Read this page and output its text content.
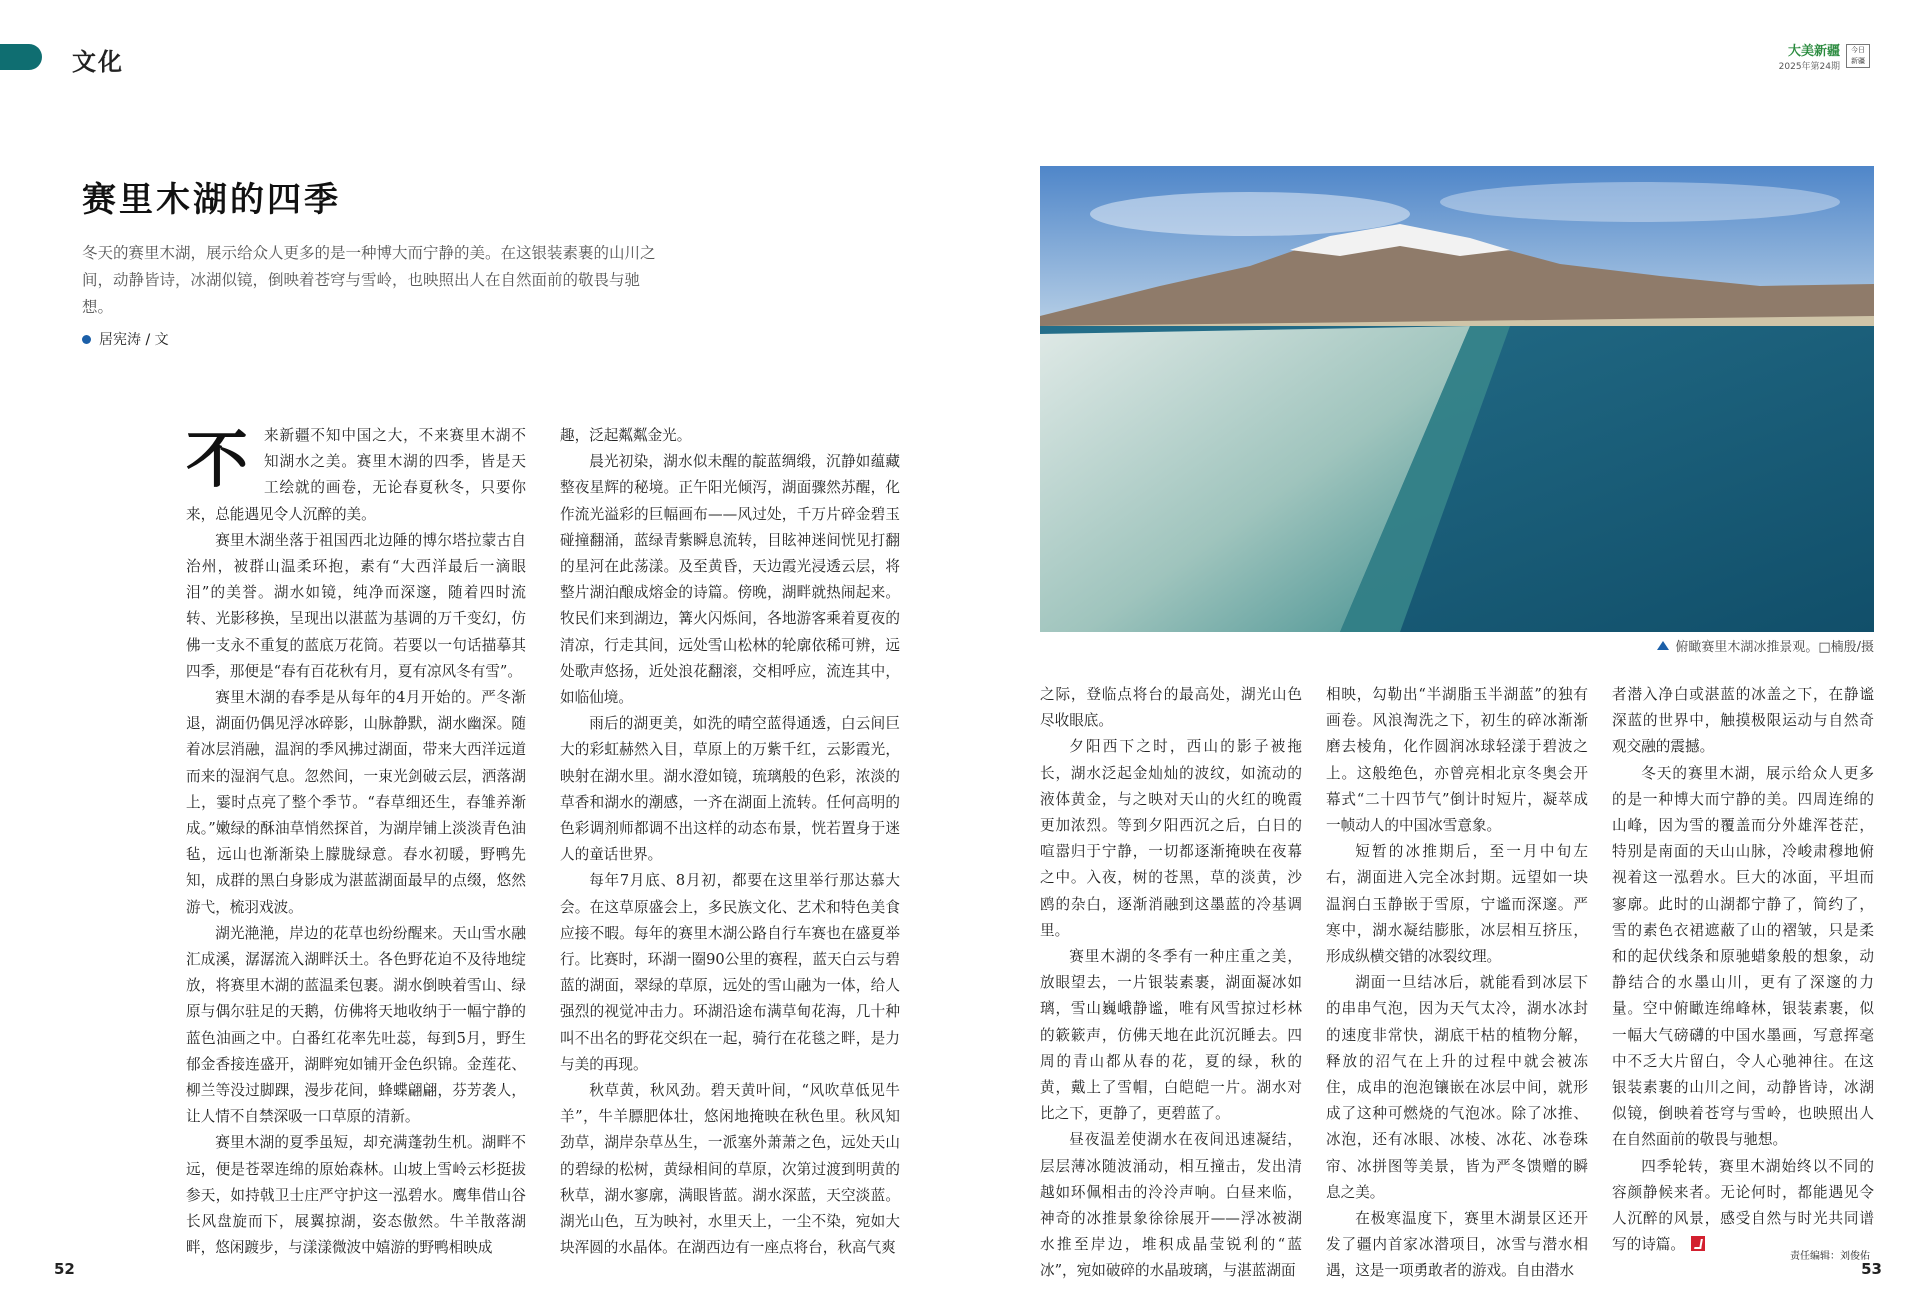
文化	大美新疆
2025年第24期
今日
新疆
赛里木湖的四季
冬天的赛里木湖，展示给众人更多的是一种博大而宁静的美。在这银装素裹的山川之间，动静皆诗，冰湖似镜，倒映着苍穹与雪岭，也映照出人在自然面前的敬畏与驰想。
居宪涛 / 文

不 来新疆不知中国之大，不来赛里木湖不知湖水之美。赛里木湖的四季，皆是天工绘就的画卷，无论春夏秋冬，只要你来，总能遇见令人沉醉的美。

赛里木湖坐落于祖国西北边陲的博尔塔拉蒙古自治州，被群山温柔环抱，素有“大西洋最后一滴眼泪”的美誉。湖水如镜，纯净而深邃，随着四时流转、光影移换，呈现出以湛蓝为基调的万千变幻，仿佛一支永不重复的蓝底万花筒。若要以一句话描摹其四季，那便是“春有百花秋有月，夏有凉风冬有雪”。

赛里木湖的春季是从每年的4月开始的。严冬渐退，湖面仍偶见浮冰碎影，山脉静默，湖水幽深。随着冰层消融，温润的季风拂过湖面，带来大西洋远道而来的湿润气息。忽然间，一束光剑破云层，洒落湖上，霎时点亮了整个季节。“春草细还生，春雏养渐成。”嫩绿的酥油草悄然探首，为湖岸铺上淡淡青色油毡，远山也渐渐染上朦胧绿意。春水初暖，野鸭先知，成群的黑白身影成为湛蓝湖面最早的点缀，悠然游弋，梳羽戏波。

湖光滟滟，岸边的花草也纷纷醒来。天山雪水融汇成溪，潺潺流入湖畔沃土。各色野花迫不及待地绽放，将赛里木湖的蓝温柔包裹。湖水倒映着雪山、绿原与偶尔驻足的天鹅，仿佛将天地收纳于一幅宁静的蓝色油画之中。白番红花率先吐蕊，每到5月，野生郁金香接连盛开，湖畔宛如铺开金色织锦。金莲花、柳兰等没过脚踝，漫步花间，蜂蝶翩翩，芬芳袭人，让人情不自禁深吸一口草原的清新。

赛里木湖的夏季虽短，却充满蓬勃生机。湖畔不远，便是苍翠连绵的原始森林。山坡上雪岭云杉挺拔参天，如持戟卫士庄严守护这一泓碧水。鹰隼借山谷长风盘旋而下，展翼掠湖，姿态傲然。牛羊散落湖畔，悠闲踱步，与漾漾微波中嬉游的野鸭相映成

趣，泛起粼粼金光。

晨光初染，湖水似未醒的靛蓝绸缎，沉静如蕴藏整夜星辉的秘境。正午阳光倾泻，湖面骤然苏醒，化作流光溢彩的巨幅画布——风过处，千万片碎金碧玉碰撞翻涌，蓝绿青紫瞬息流转，目眩神迷间恍见打翻的星河在此荡漾。及至黄昏，天边霞光浸透云层，将整片湖泊酿成熔金的诗篇。傍晚，湖畔就热闹起来。牧民们来到湖边，篝火闪烁间，各地游客乘着夏夜的清凉，行走其间，远处雪山松林的轮廓依稀可辨，远处歌声悠扬，近处浪花翻滚，交相呼应，流连其中，如临仙境。

雨后的湖更美，如洗的晴空蓝得通透，白云间巨大的彩虹赫然入目，草原上的万紫千红，云影霞光，映射在湖水里。湖水澄如镜，琉璃般的色彩，浓淡的草香和湖水的潮感，一齐在湖面上流转。任何高明的色彩调剂师都调不出这样的动态布景，恍若置身于迷人的童话世界。

每年7月底、8月初，都要在这里举行那达慕大会。在这草原盛会上，多民族文化、艺术和特色美食应接不暇。每年的赛里木湖公路自行车赛也在盛夏举行。比赛时，环湖一圈90公里的赛程，蓝天白云与碧蓝的湖面，翠绿的草原，远处的雪山融为一体，给人强烈的视觉冲击力。环湖沿途布满草甸花海，几十种叫不出名的野花交织在一起，骑行在花毯之畔，是力与美的再现。

秋草黄，秋风劲。碧天黄叶间，“风吹草低见牛羊”，牛羊膘肥体壮，悠闲地掩映在秋色里。秋风知劲草，湖岸杂草丛生，一派塞外萧萧之色，远处天山的碧绿的松树，黄绿相间的草原，次第过渡到明黄的秋草，湖水寥廓，满眼皆蓝。湖水深蓝，天空淡蓝。湖光山色，互为映衬，水里天上，一尘不染，宛如大块浑圆的水晶体。在湖西边有一座点将台，秋高气爽

俯瞰赛里木湖冰推景观。□楠殷/摄

之际，登临点将台的最高处，湖光山色尽收眼底。

夕阳西下之时，西山的影子被拖长，湖水泛起金灿灿的波纹，如流动的液体黄金，与之映对天山的火红的晚霞更加浓烈。等到夕阳西沉之后，白日的喧嚣归于宁静，一切都逐渐掩映在夜幕之中。入夜，树的苍黑，草的淡黄，沙鸥的杂白，逐渐消融到这墨蓝的冷基调里。

赛里木湖的冬季有一种庄重之美，放眼望去，一片银装素裹，湖面凝冰如璃，雪山巍峨静谧，唯有风雪掠过杉林的簌簌声，仿佛天地在此沉沉睡去。四周的青山都从春的花，夏的绿，秋的黄，戴上了雪帽，白皑皑一片。湖水对比之下，更静了，更碧蓝了。

昼夜温差使湖水在夜间迅速凝结，层层薄冰随波涌动，相互撞击，发出清越如环佩相击的泠泠声响。白昼来临，神奇的冰推景象徐徐展开——浮冰被湖水推至岸边，堆积成晶莹锐利的“蓝冰”，宛如破碎的水晶玻璃，与湛蓝湖面

相映，勾勒出“半湖脂玉半湖蓝”的独有画卷。风浪淘洗之下，初生的碎冰渐渐磨去棱角，化作圆润冰球轻漾于碧波之上。这般绝色，亦曾亮相北京冬奥会开幕式“二十四节气”倒计时短片，凝萃成一帧动人的中国冰雪意象。

短暂的冰推期后，至一月中旬左右，湖面进入完全冰封期。远望如一块温润白玉静嵌于雪原，宁谧而深邃。严寒中，湖水凝结膨胀，冰层相互挤压，形成纵横交错的冰裂纹理。

湖面一旦结冰后，就能看到冰层下的串串气泡，因为天气太冷，湖水冰封的速度非常快，湖底干枯的植物分解，释放的沼气在上升的过程中就会被冻住，成串的泡泡镶嵌在冰层中间，就形成了这种可燃烧的气泡冰。除了冰推、冰泡，还有冰眼、冰棱、冰花、冰卷珠帘、冰拼图等美景，皆为严冬馈赠的瞬息之美。

在极寒温度下，赛里木湖景区还开发了疆内首家冰潜项目，冰雪与潜水相遇，这是一项勇敢者的游戏。自由潜水

者潜入净白或湛蓝的冰盖之下，在静谧深蓝的世界中，触摸极限运动与自然奇观交融的震撼。

冬天的赛里木湖，展示给众人更多的是一种博大而宁静的美。四周连绵的山峰，因为雪的覆盖而分外雄浑苍茫，特别是南面的天山山脉，冷峻肃穆地俯视着这一泓碧水。巨大的冰面，平坦而寥廓。此时的山湖都宁静了，简约了，雪的素色衣裙遮蔽了山的褶皱，只是柔和的起伏线条和原驰蜡象般的想象，动静结合的水墨山川，更有了深邃的力量。空中俯瞰连绵峰林，银装素裹，似一幅大气磅礴的中国水墨画，写意挥毫中不乏大片留白，令人心驰神往。在这银装素裹的山川之间，动静皆诗，冰湖似镜，倒映着苍穹与雪岭，也映照出人在自然面前的敬畏与驰想。

四季轮转，赛里木湖始终以不同的容颜静候来者。无论何时，都能遇见令人沉醉的风景，感受自然与时光共同谱写的诗篇。

52
责任编辑：刘俊佑
53
